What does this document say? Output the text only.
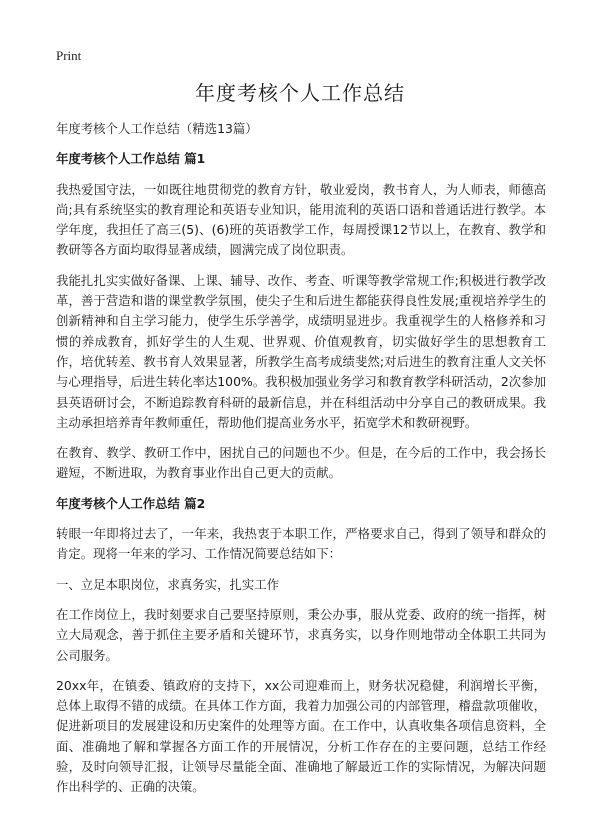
Print
年度考核个人工作总结

年度考核个人工作总结（精选13篇）

年度考核个人工作总结 篇1

我热爱国守法，一如既往地贯彻党的教育方针，敬业爱岗，教书育人，为人师表，师德高尚;具有系统坚实的教育理论和英语专业知识，能用流利的英语口语和普通话进行教学。本学年度，我担任了高三(5)、(6)班的英语教学工作，每周授课12节以上，在教育、教学和教研等各方面均取得显著成绩，圆满完成了岗位职责。

我能扎扎实实做好备课、上课、辅导、改作、考查、听课等教学常规工作;积极进行教学改革，善于营造和谐的课堂教学氛围，使尖子生和后进生都能获得良性发展;重视培养学生的创新精神和自主学习能力，使学生乐学善学，成绩明显进步。我重视学生的人格修养和习惯的养成教育，抓好学生的人生观、世界观、价值观教育，切实做好学生的思想教育工作，培优转差、教书育人效果显著，所教学生高考成绩斐然;对后进生的教育注重人文关怀与心理指导，后进生转化率达100%。我积极加强业务学习和教育教学科研活动，2次参加县英语研讨会，不断追踪教育科研的最新信息，并在科组活动中分享自己的教研成果。我主动承担培养青年教师重任，帮助他们提高业务水平，拓宽学术和教研视野。

在教育、教学、教研工作中，困扰自己的问题也不少。但是，在今后的工作中，我会扬长避短，不断进取，为教育事业作出自己更大的贡献。

年度考核个人工作总结 篇2

转眼一年即将过去了，一年来，我热衷于本职工作，严格要求自己，得到了领导和群众的肯定。现将一年来的学习、工作情况简要总结如下：

一、立足本职岗位，求真务实，扎实工作

在工作岗位上，我时刻要求自己要坚持原则，秉公办事，服从党委、政府的统一指挥，树立大局观念，善于抓住主要矛盾和关键环节，求真务实，以身作则地带动全体职工共同为公司服务。

20xx年，在镇委、镇政府的支持下，xx公司迎难而上，财务状况稳健，利润增长平衡，总体上取得不错的成绩。在具体工作方面，我着力加强公司的内部管理，稽盘款项催收，促进新项目的发展建设和历史案件的处理等方面。在工作中，认真收集各项信息资料，全面、准确地了解和掌握各方面工作的开展情况，分析工作存在的主要问题，总结工作经验，及时向领导汇报，让领导尽量能全面、准确地了解最近工作的实际情况，为解决问题作出科学的、正确的决策。
